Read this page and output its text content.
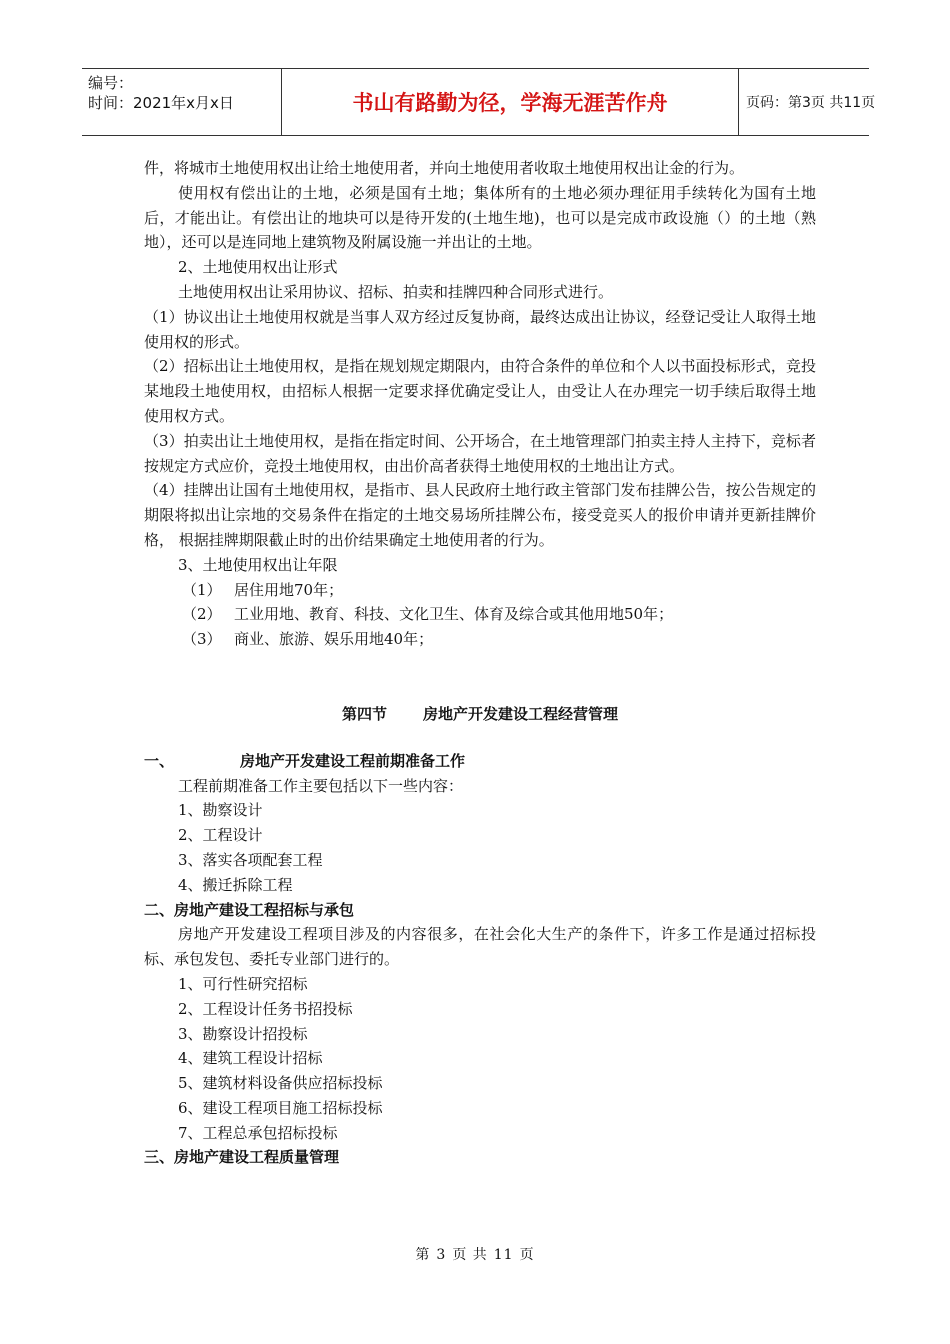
编号：
时间：2021年x月x日	书山有路勤为径，学海无涯苦作舟	页码：第3页 共11页

件，将城市土地使用权出让给土地使用者，并向土地使用者收取土地使用权出让金的行为。

使用权有偿出让的土地，必须是国有土地；集体所有的土地必须办理征用手续转化为国有土地后，才能出让。有偿出让的地块可以是待开发的(土地生地)，也可以是完成市政设施（）的土地（熟地），还可以是连同地上建筑物及附属设施一并出让的土地。

2、土地使用权出让形式

土地使用权出让采用协议、招标、拍卖和挂牌四种合同形式进行。

（1）协议出让土地使用权就是当事人双方经过反复协商，最终达成出让协议，经登记受让人取得土地使用权的形式。

（2）招标出让土地使用权，是指在规划规定期限内，由符合条件的单位和个人以书面投标形式，竞投某地段土地使用权，由招标人根据一定要求择优确定受让人，由受让人在办理完一切手续后取得土地使用权方式。

（3）拍卖出让土地使用权，是指在指定时间、公开场合，在土地管理部门拍卖主持人主持下，竞标者按规定方式应价，竞投土地使用权，由出价高者获得土地使用权的土地出让方式。

（4）挂牌出让国有土地使用权，是指市、县人民政府土地行政主管部门发布挂牌公告，按公告规定的期限将拟出让宗地的交易条件在指定的土地交易场所挂牌公布，接受竞买人的报价申请并更新挂牌价格， 根据挂牌期限截止时的出价结果确定土地使用者的行为。

3、土地使用权出让年限

（1） 居住用地70年；

（2） 工业用地、教育、科技、文化卫生、体育及综合或其他用地50年；

（3） 商业、旅游、娱乐用地40年；

第四节 房地产开发建设工程经营管理

一、	房地产开发建设工程前期准备工作

工程前期准备工作主要包括以下一些内容：

1、勘察设计

2、工程设计

3、落实各项配套工程

4、搬迁拆除工程

二、房地产建设工程招标与承包

房地产开发建设工程项目涉及的内容很多，在社会化大生产的条件下，许多工作是通过招标投标、承包发包、委托专业部门进行的。

1、可行性研究招标

2、工程设计任务书招投标

3、勘察设计招投标

4、建筑工程设计招标

5、建筑材料设备供应招标投标

6、建设工程项目施工招标投标

7、工程总承包招标投标

三、房地产建设工程质量管理

第 3 页 共 11 页
